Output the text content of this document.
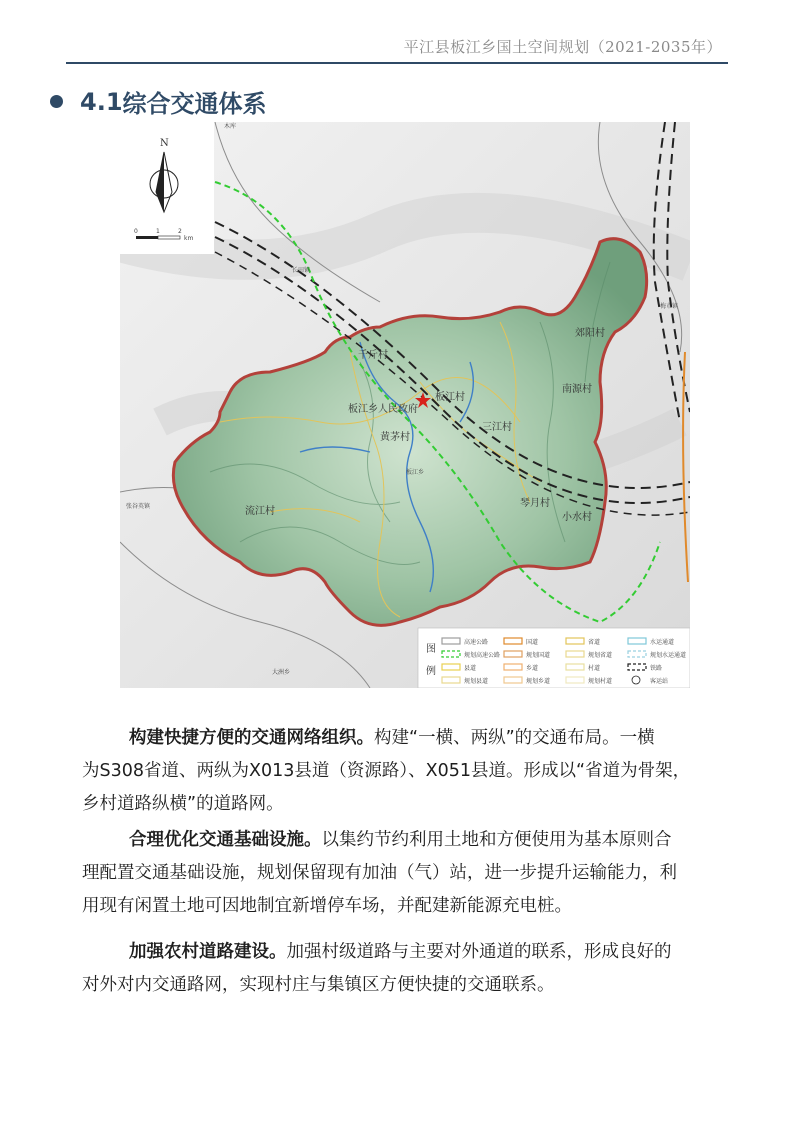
平江县板江乡国土空间规划（2021-2035年）
4.1 综合交通体系
N
0	1	2
km
木库
长田镇
梅市镇
张谷英镇
大洲乡
郊阳村
南源村
板江村
三江村
黄茅村
千斤村
流江村
琴月村
小水村
板江乡
板江乡人民政府
图
例
高速公路	国道	省道	水运通道
规划高速公路	规划国道	规划省道	规划水运通道
县道	乡道	村道	铁路
规划县道	规划乡道	规划村道	客运站
构建快捷方便的交通网络组织。构建“一横、两纵”的交通布局。一横
为S308省道、两纵为X013县道（资源路）、X051县道。形成以“省道为骨架，
乡村道路纵横”的道路网。
合理优化交通基础设施。以集约节约利用土地和方便使用为基本原则合
理配置交通基础设施，规划保留现有加油（气）站，进一步提升运输能力，利
用现有闲置土地可因地制宜新增停车场，并配建新能源充电桩。
加强农村道路建设。加强村级道路与主要对外通道的联系，形成良好的
对外对内交通路网，实现村庄与集镇区方便快捷的交通联系。
